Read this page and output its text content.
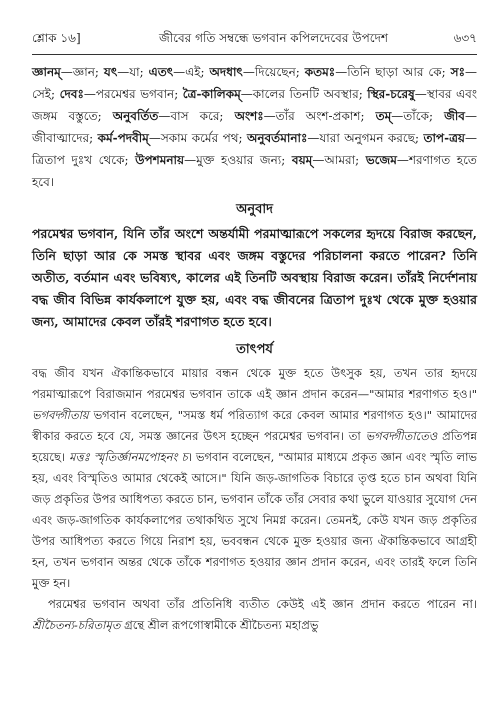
শ্লোক ১৬]	জীবের গতি সম্বন্ধে ভগবান কপিলদেবের উপদেশ	৬৩৭

জ্ঞানম্—জ্ঞান; যৎ—যা; এতৎ—এই; অদধাৎ—দিয়েছেন; কতমঃ—তিনি ছাড়া আর কে; সঃ—সেই; দেবঃ—পরমেশ্বর ভগবান; ত্রৈ-কালিকম্—কালের তিনটি অবস্থার; স্থির-চরেষু—স্থাবর এবং জঙ্গম বস্তুতে; অনুবর্তিত—বাস করে; অংশঃ—তাঁর অংশ-প্রকাশ; তম্—তাঁকে; জীব—জীবাত্মাদের; কর্ম-পদবীম্—সকাম কর্মের পথ; অনুবর্তমানাঃ—যারা অনুগমন করছে; তাপ-ত্রয়—ত্রিতাপ দুঃখ থেকে; উপশমনায়—মুক্ত হওয়ার জন্য; বয়ম্—আমরা; ভজেম—শরণাগত হতে হবে।

অনুবাদ

পরমেশ্বর ভগবান, যিনি তাঁর অংশে অন্তর্যামী পরমাত্মারূপে সকলের হৃদয়ে বিরাজ করছেন, তিনি ছাড়া আর কে সমস্ত স্থাবর এবং জঙ্গম বস্তুদের পরিচালনা করতে পারেন? তিনি অতীত, বর্তমান এবং ভবিষ্যৎ, কালের এই তিনটি অবস্থায় বিরাজ করেন। তাঁরই নির্দেশনায় বদ্ধ জীব বিভিন্ন কার্যকলাপে যুক্ত হয়, এবং বদ্ধ জীবনের ত্রিতাপ দুঃখ থেকে মুক্ত হওয়ার জন্য, আমাদের কেবল তাঁরই শরণাগত হতে হবে।

তাৎপর্য

বদ্ধ জীব যখন ঐকান্তিকভাবে মায়ার বন্ধন থেকে মুক্ত হতে উৎসুক হয়, তখন তার হৃদয়ে পরমাত্মারূপে বিরাজমান পরমেশ্বর ভগবান তাকে এই জ্ঞান প্রদান করেন—"আমার শরণাগত হও।" ভগবদ্গীতায় ভগবান বলেছেন, "সমস্ত ধর্ম পরিত্যাগ করে কেবল আমার শরণাগত হও।" আমাদের স্বীকার করতে হবে যে, সমস্ত জ্ঞানের উৎস হচ্ছেন পরমেশ্বর ভগবান। তা ভগবদ্গীতাতেও প্রতিপন্ন হয়েছে। মত্তঃ স্মৃতির্জ্ঞানমপোহনং চ। ভগবান বলেছেন, "আমার মাধ্যমে প্রকৃত জ্ঞান এবং স্মৃতি লাভ হয়, এবং বিস্মৃতিও আমার থেকেই আসে।" যিনি জড়-জাগতিক বিচারে তৃপ্ত হতে চান অথবা যিনি জড় প্রকৃতির উপর আধিপত্য করতে চান, ভগবান তাঁকে তাঁর সেবার কথা ভুলে যাওয়ার সুযোগ দেন এবং জড়-জাগতিক কার্যকলাপের তথাকথিত সুখে নিমগ্ন করেন। তেমনই, কেউ যখন জড় প্রকৃতির উপর আধিপত্য করতে গিয়ে নিরাশ হয়, ভববন্ধন থেকে মুক্ত হওয়ার জন্য ঐকান্তিকভাবে আগ্রহী হন, তখন ভগবান অন্তর থেকে তাঁকে শরণাগত হওয়ার জ্ঞান প্রদান করেন, এবং তারই ফলে তিনি মুক্ত হন।

পরমেশ্বর ভগবান অথবা তাঁর প্রতিনিধি ব্যতীত কেউই এই জ্ঞান প্রদান করতে পারেন না। শ্রীচৈতন্য-চরিতামৃত গ্রন্থে শ্রীল রূপগোস্বামীকে শ্রীচৈতন্য মহাপ্রভু
